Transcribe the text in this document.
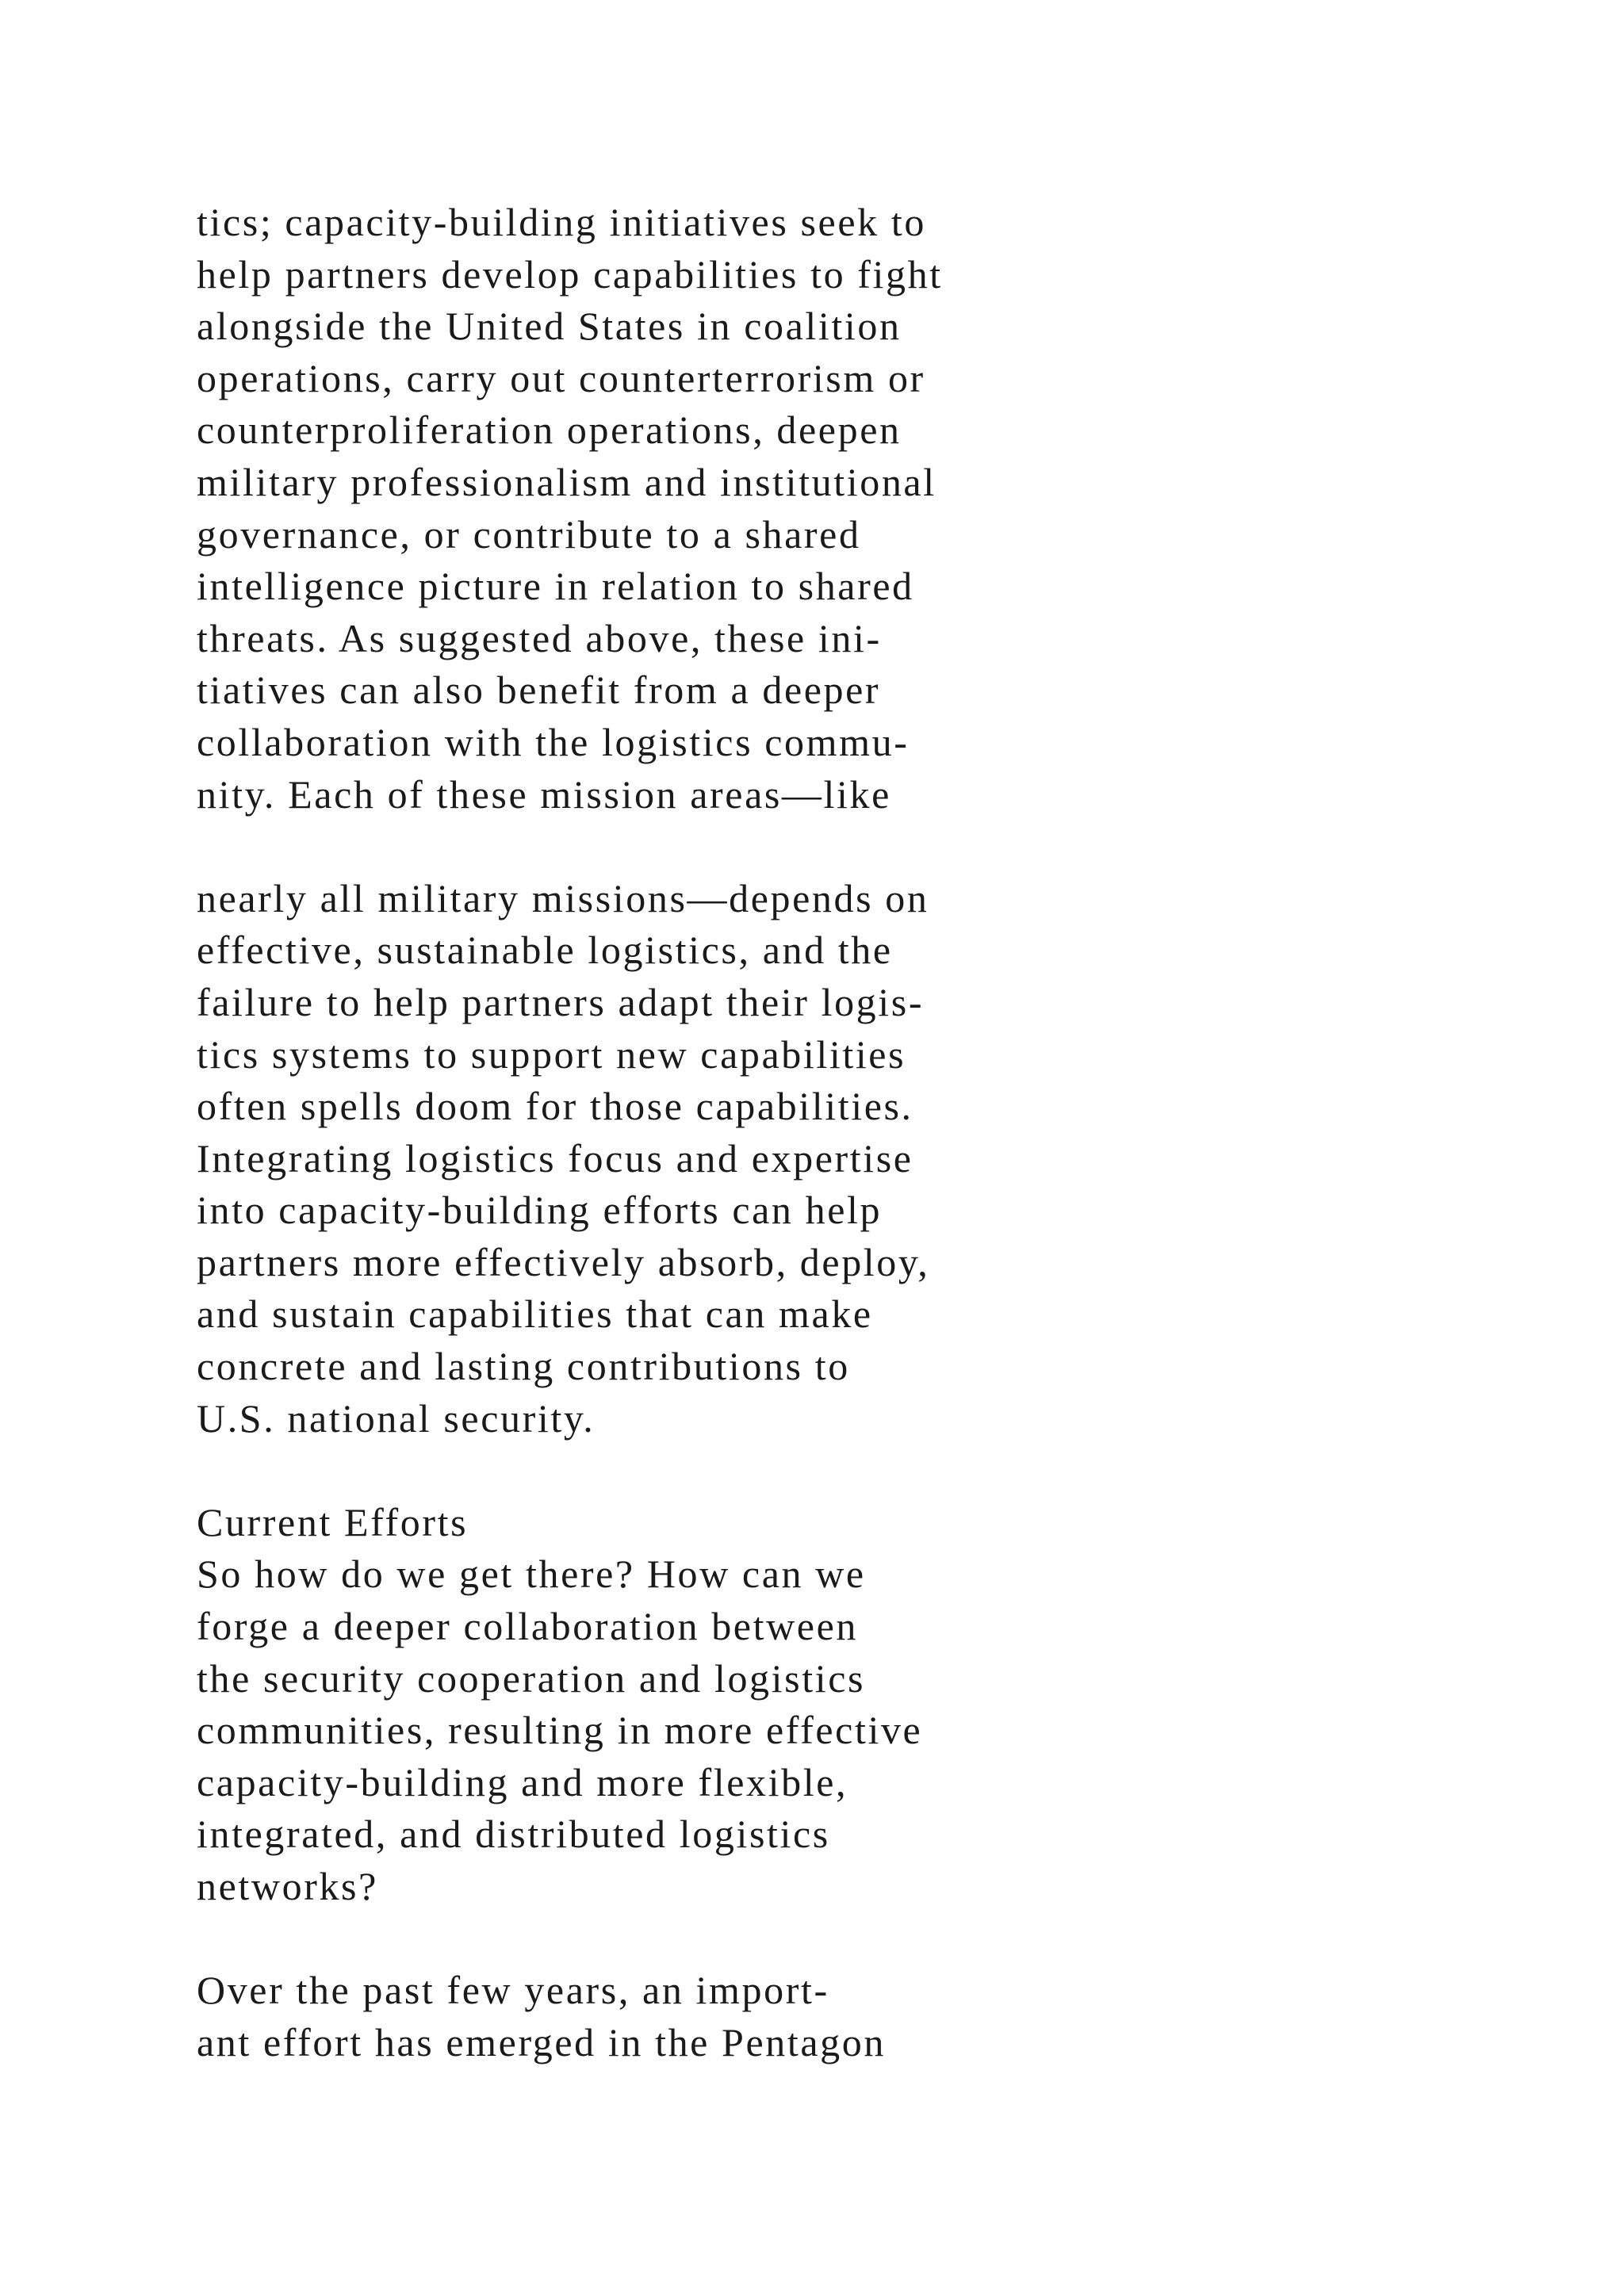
tics; capacity-building initiatives seek to
help partners develop capabilities to fight
alongside the United States in coalition
operations, carry out counterterrorism or
counterproliferation operations, deepen
military professionalism and institutional
governance, or contribute to a shared
intelligence picture in relation to shared
threats. As suggested above, these ini-
tiatives can also benefit from a deeper
collaboration with the logistics commu-
nity. Each of these mission areas—like
nearly all military missions—depends on
effective, sustainable logistics, and the
failure to help partners adapt their logis-
tics systems to support new capabilities
often spells doom for those capabilities.
Integrating logistics focus and expertise
into capacity-building efforts can help
partners more effectively absorb, deploy,
and sustain capabilities that can make
concrete and lasting contributions to
U.S. national security.
Current Efforts
So how do we get there? How can we
forge a deeper collaboration between
the security cooperation and logistics
communities, resulting in more effective
capacity-building and more flexible,
integrated, and distributed logistics
networks?
Over the past few years, an import-
ant effort has emerged in the Pentagon
